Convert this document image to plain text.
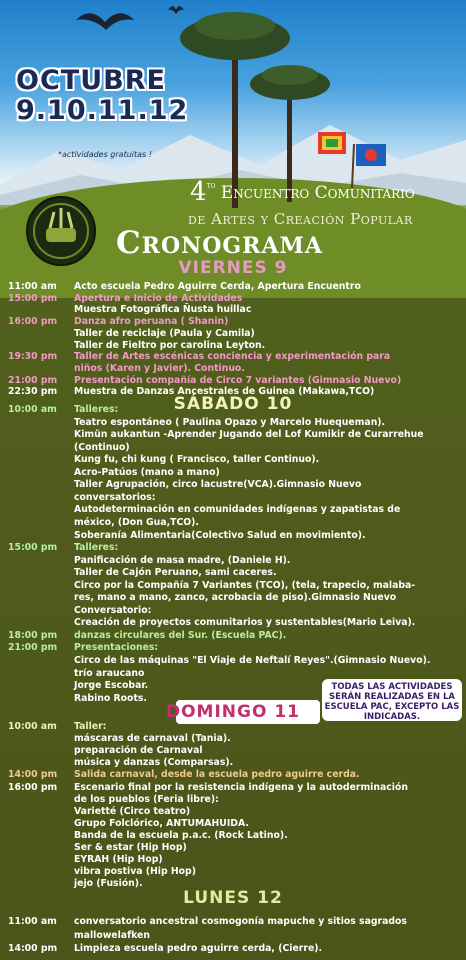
OCTUBRE
9.10.11.12
*actividades gratuitas !
$4^{to}$ Encuentro Comunitario
de Artes y Creación Popular
Cronograma
VIERNES 9
SÁBADO 10
DOMINGO 11
LUNES 12
TODAS LAS ACTIVIDADES SERÁN REALIZADAS EN LA ESCUELA PAC, EXCEPTO LAS INDICADAS.
11:00 am Acto escuela Pedro Aguirre Cerda, Apertura Encuentro
15:00 pm Apertura e Inicio de Actividades
Muestra Fotográfica Ñusta huillac
16:00 pm Danza afro peruana ( Shanin)
Taller de reciclaje (Paula y Camila)
Taller de Fieltro por carolina Leyton.
19:30 pm Taller de Artes escénicas conciencia y experimentación para
niños (Karen y Javier). Continuo.
21:00 pm Presentación compañía de Circo 7 variantes (Gimnasio Nuevo)
22:30 pm Muestra de Danzas Ancestrales de Guinea (Makawa,TCO)
10:00 am Talleres:
Teatro espontáneo ( Paulina Opazo y Marcelo Huequeman).
Kimün aukantun -Aprender Jugando del Lof Kumikir de Curarrehue
(Continuo)
Kung fu, chi kung ( Francisco, taller Continuo).
Acro-Patúos (mano a mano)
Taller Agrupación, circo lacustre(VCA).Gimnasio Nuevo
conversatorios:
Autodeterminación en comunidades indígenas y zapatistas de
méxico, (Don Gua,TCO).
Soberanía Alimentaria(Colectivo Salud en movimiento).
15:00 pm Talleres:
Panificación de masa madre, (Daniele H).
Taller de Cajón Peruano, sami caceres.
Circo por la Compañía 7 Variantes (TCO), (tela, trapecio, malaba-
res, mano a mano, zanco, acrobacia de piso).Gimnasio Nuevo
Conversatorio:
Creación de proyectos comunitarios y sustentables(Mario Leiva).
18:00 pm danzas circulares del Sur. (Escuela PAC).
21:00 pm Presentaciones:
Circo de las máquinas "El Viaje de Neftalí Reyes".(Gimnasio Nuevo).
trío araucano
Jorge Escobar.
Rabino Roots.
10:00 am Taller:
máscaras de carnaval (Tania).
preparación de Carnaval
música y danzas (Comparsas).
14:00 pm Salida carnaval, desde la escuela pedro aguirre cerda.
16:00 pm Escenario final por la resistencia indígena y la autoderminación
de los pueblos (Feria libre):
Varietté (Circo teatro)
Grupo Folclórico, ANTUMAHUIDA.
Banda de la escuela p.a.c. (Rock Latino).
Ser & estar (Hip Hop)
EYRAH (Hip Hop)
vibra postiva (Hip Hop)
jejo (Fusión).
11:00 am conversatorio ancestral cosmogonía mapuche y sitios sagrados
mallowelafken
14:00 pm Limpieza escuela pedro aguirre cerda, (Cierre).
